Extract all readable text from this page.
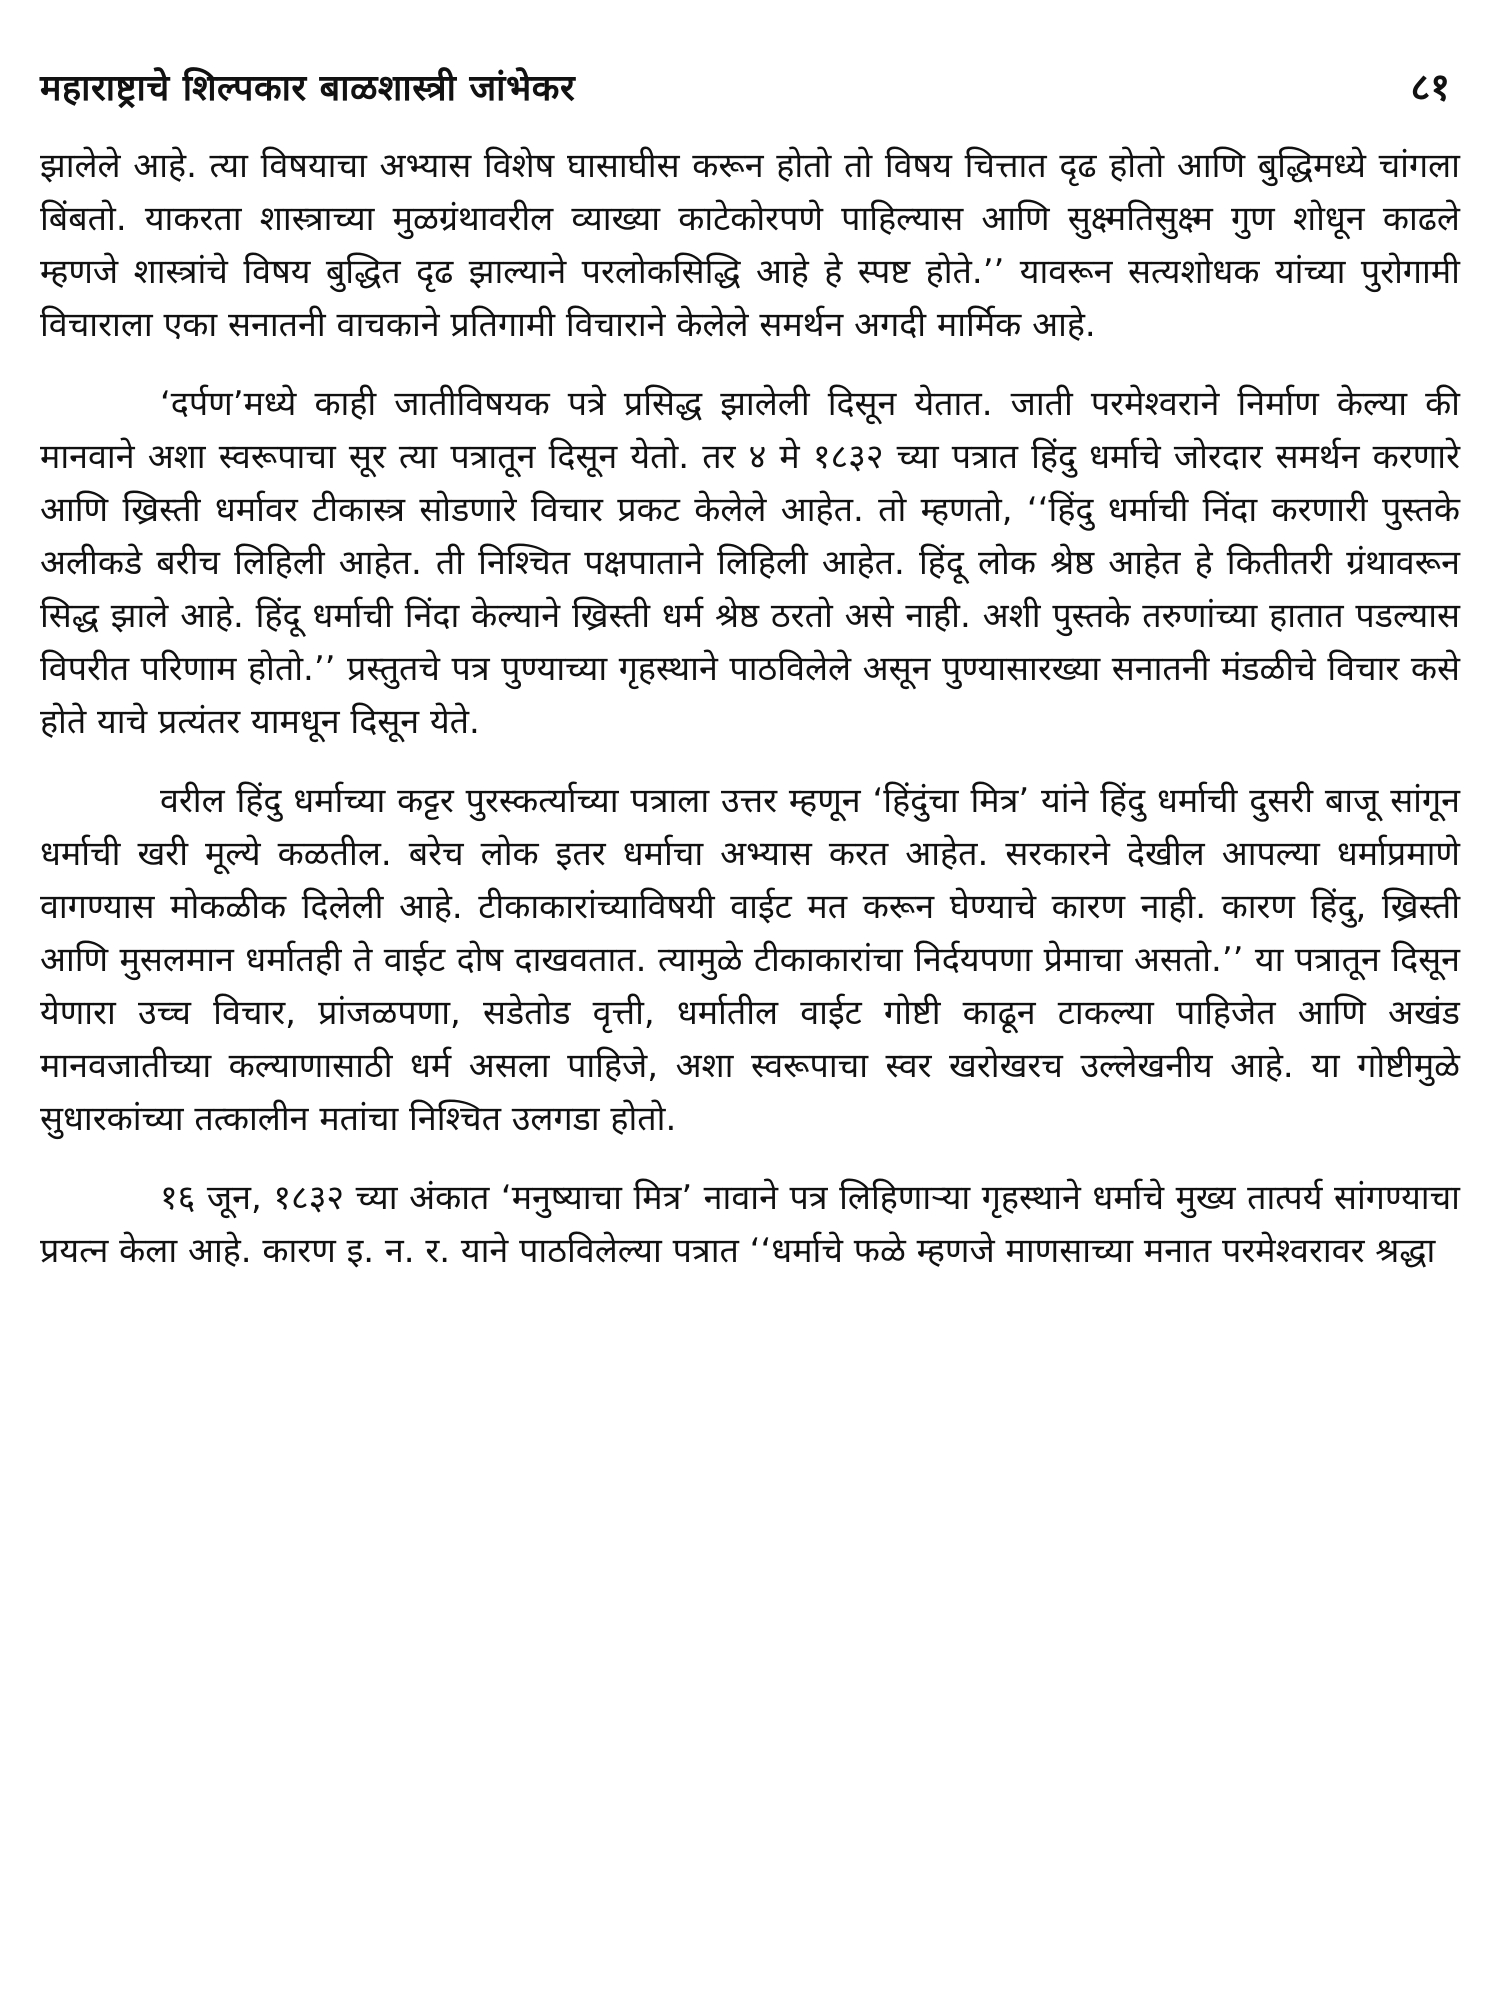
महाराष्ट्राचे शिल्पकार बाळशास्त्री जांभेकर	८१

झालेले आहे. त्या विषयाचा अभ्यास विशेष घासाघीस करून होतो तो विषय चित्तात दृढ होतो आणि बुद्धिमध्ये चांगला बिंबतो. याकरता शास्त्राच्या मुळग्रंथावरील व्याख्या काटेकोरपणे पाहिल्यास आणि सुक्ष्मतिसुक्ष्म गुण शोधून काढले म्हणजे शास्त्रांचे विषय बुद्धित दृढ झाल्याने परलोकसिद्धि आहे हे स्पष्ट होते.’’ यावरून सत्यशोधक यांच्या पुरोगामी विचाराला एका सनातनी वाचकाने प्रतिगामी विचाराने केलेले समर्थन अगदी मार्मिक आहे.

‘दर्पण’मध्ये काही जातीविषयक पत्रे प्रसिद्ध झालेली दिसून येतात. जाती परमेश्वराने निर्माण केल्या की मानवाने अशा स्वरूपाचा सूर त्या पत्रातून दिसून येतो. तर ४ मे १८३२ च्या पत्रात हिंदु धर्माचे जोरदार समर्थन करणारे आणि ख्रिस्ती धर्मावर टीकास्त्र सोडणारे विचार प्रकट केलेले आहेत. तो म्हणतो, ‘‘हिंदु धर्माची निंदा करणारी पुस्तके अलीकडे बरीच लिहिली आहेत. ती निश्चित पक्षपातानेे लिहिली आहेत. हिंदू लोक श्रेष्ठ आहेत हे कितीतरी ग्रंथावरून सिद्ध झाले आहे. हिंदू धर्माची निंदा केल्याने ख्रिस्ती धर्म श्रेष्ठ ठरतो असे नाही. अशी पुस्तके तरुणांच्या हातात पडल्यास विपरीत परिणाम होतो.’’ प्रस्तुतचे पत्र पुण्याच्या गृहस्थाने पाठविलेले असून पुण्यासारख्या सनातनी मंडळीचे विचार कसे होते याचे प्रत्यंतर यामधून दिसून येते.

वरील हिंदु धर्माच्या कट्टर पुरस्कर्त्याच्या पत्राला उत्तर म्हणून ‘हिंदुंचा मित्र’ यांने हिंदु धर्माची दुसरी बाजू सांगून धर्माची खरी मूल्ये कळतील. बरेच लोक इतर धर्माचा अभ्यास करत आहेत. सरकारने देखील आपल्या धर्माप्रमाणे वागण्यास मोकळीक दिलेली आहे. टीकाकारांच्याविषयी वाईट मत करून घेण्याचे कारण नाही. कारण हिंदु, ख्रिस्ती आणि मुसलमान धर्मातही ते वाईट दोष दाखवतात. त्यामुळे टीकाकारांचा निर्दयपणा प्रेमाचा असतो.’’ या पत्रातून दिसून येणारा उच्च विचार, प्रांजळपणा, सडेतोड वृत्ती, धर्मातील वाईट गोष्टी काढून टाकल्या पाहिजेत आणि अखंड मानवजातीच्या कल्याणासाठी धर्म असला पाहिजे, अशा स्वरूपाचा स्वर खरोखरच उल्लेखनीय आहे. या गोष्टीमुळे सुधारकांच्या तत्कालीन मतांचा निश्चित उलगडा होतो.

१६ जून, १८३२ च्या अंकात ‘मनुष्याचा मित्र’ नावाने पत्र लिहिणाऱ्या गृहस्थाने धर्माचे मुख्य तात्पर्य सांगण्याचा प्रयत्न केला आहे. कारण इ. न. र. याने पाठविलेल्या पत्रात ‘‘धर्माचे फळे म्हणजे माणसाच्या मनात परमेश्वरावर श्रद्धा
